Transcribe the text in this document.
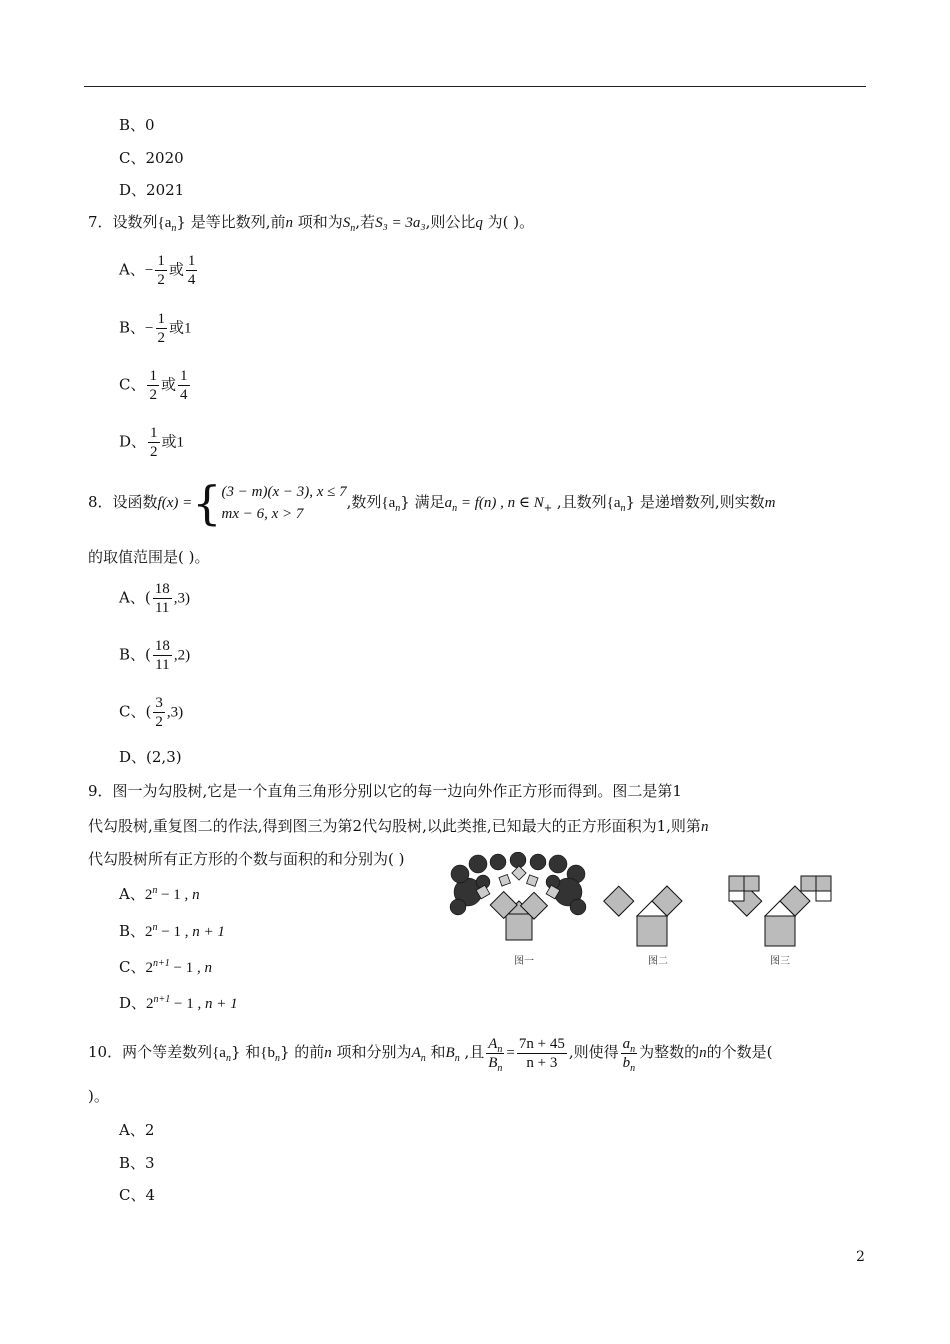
B、0
C、2020
D、2021
7．设数列$\{a_n\}$ 是等比数列,前n 项和为$S_n$,若S₃ = 3a₃,则公比q 为( )。
A、− $\frac{1}{2}$ 或 $\frac{1}{4}$
B、− $\frac{1}{2}$ 或1
C、 $\frac{1}{2}$ 或 $\frac{1}{4}$
D、 $\frac{1}{2}$ 或1
8．设函数f(x) ={ (3 − m)(x − 3), x ≤ 7
mx − 6, x > 7
,数列$\{a_n\}$ 满足$a_n = f(n)$ , n ∈ $N_+$ ,且数列$\{a_n\}$ 是递增数列,则实数m
的取值范围是( )。
A、( $\frac{18}{11} ,3$)
B、( $\frac{18}{11} ,2$)
C、( $\frac{3}{2} ,3$)
D、(2,3)
9．图一为勾股树,它是一个直角三角形分别以它的每一边向外作正方形而得到。图二是第1
代勾股树,重复图二的作法,得到图三为第2代勾股树,以此类推,已知最大的正方形面积为1,则第n
代勾股树所有正方形的个数与面积的和分别为( )
A、$2^n - 1$ , n
B、$2^n - 1$ , n + 1
C、$2^{n+1} - 1$ , n
D、$2^{n+1} - 1$ , n + 1
图一	图二	图三
10．两个等差数列$\{a_n\}$ 和$\{b_n\}$ 的前n 项和分别为$A_n$ 和$B_n$ ,且 $\frac{A_n}{B_n} = \frac{7n + 45}{n + 3}$ ,则使得 $\frac{a_n}{b_n}$ 为整数的n的个数是(
)。
A、2
B、3
C、4
2
